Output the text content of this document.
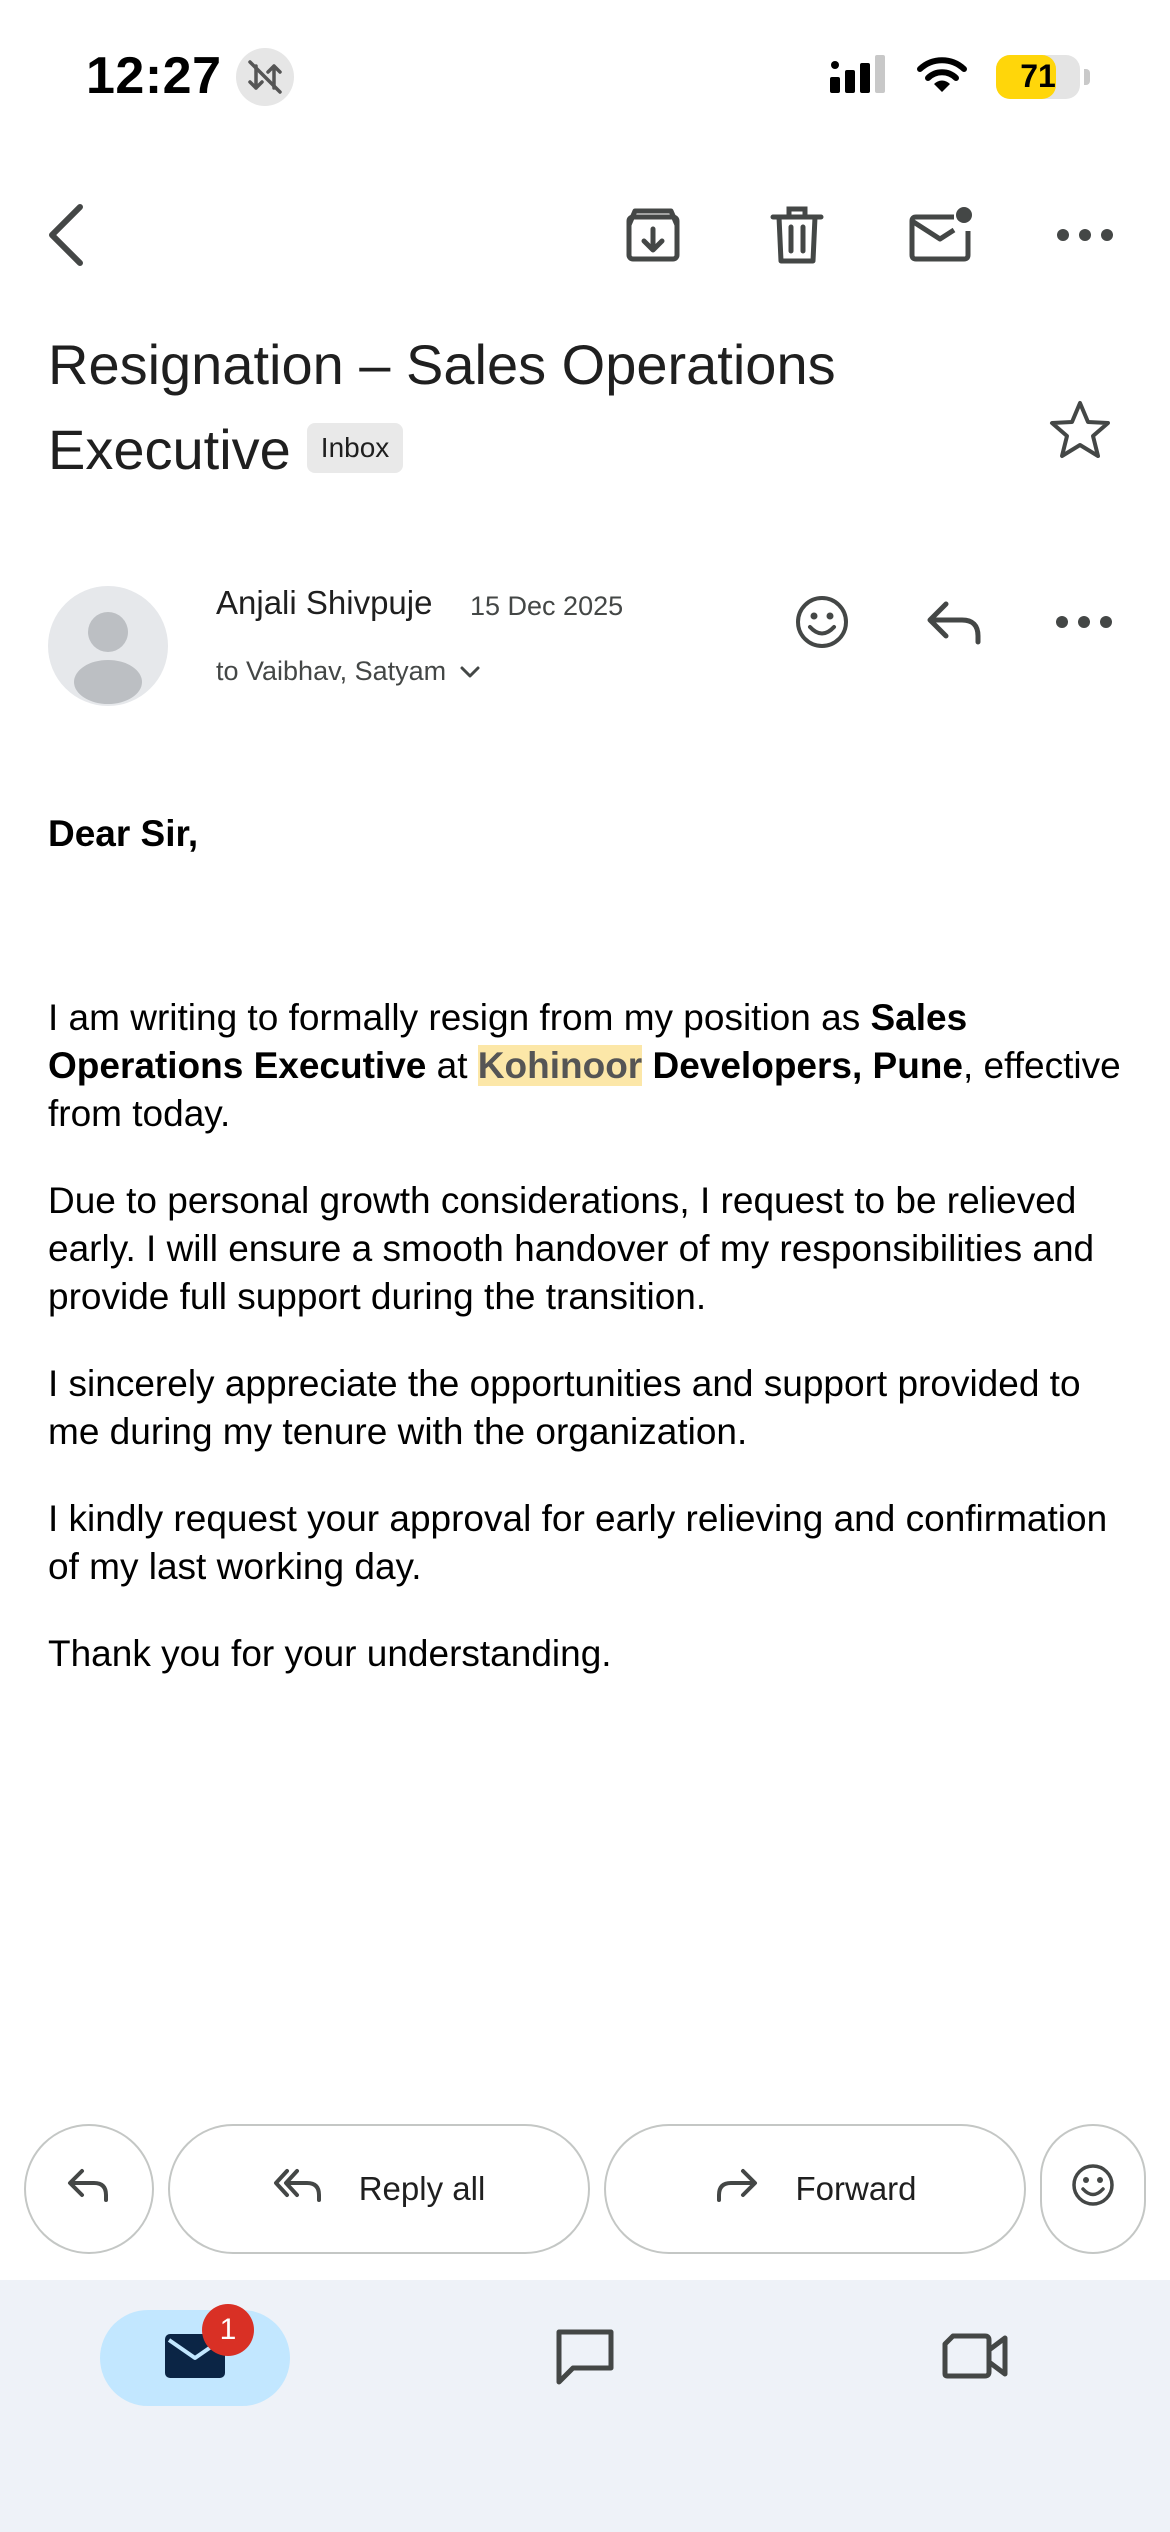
12:27	71
Resignation – Sales Operations Executive Inbox
Anjali Shivpuje 15 Dec 2025
to Vaibhav, Satyam
Dear Sir,

I am writing to formally resign from my position as Sales Operations Executive at Kohinoor Developers, Pune, effective from today.

Due to personal growth considerations, I request to be relieved early. I will ensure a smooth handover of my responsibilities and provide full support during the transition.

I sincerely appreciate the opportunities and support provided to me during my tenure with the organization.

I kindly request your approval for early relieving and confirmation of my last working day.

Thank you for your understanding.

Reply all	Forward
1
